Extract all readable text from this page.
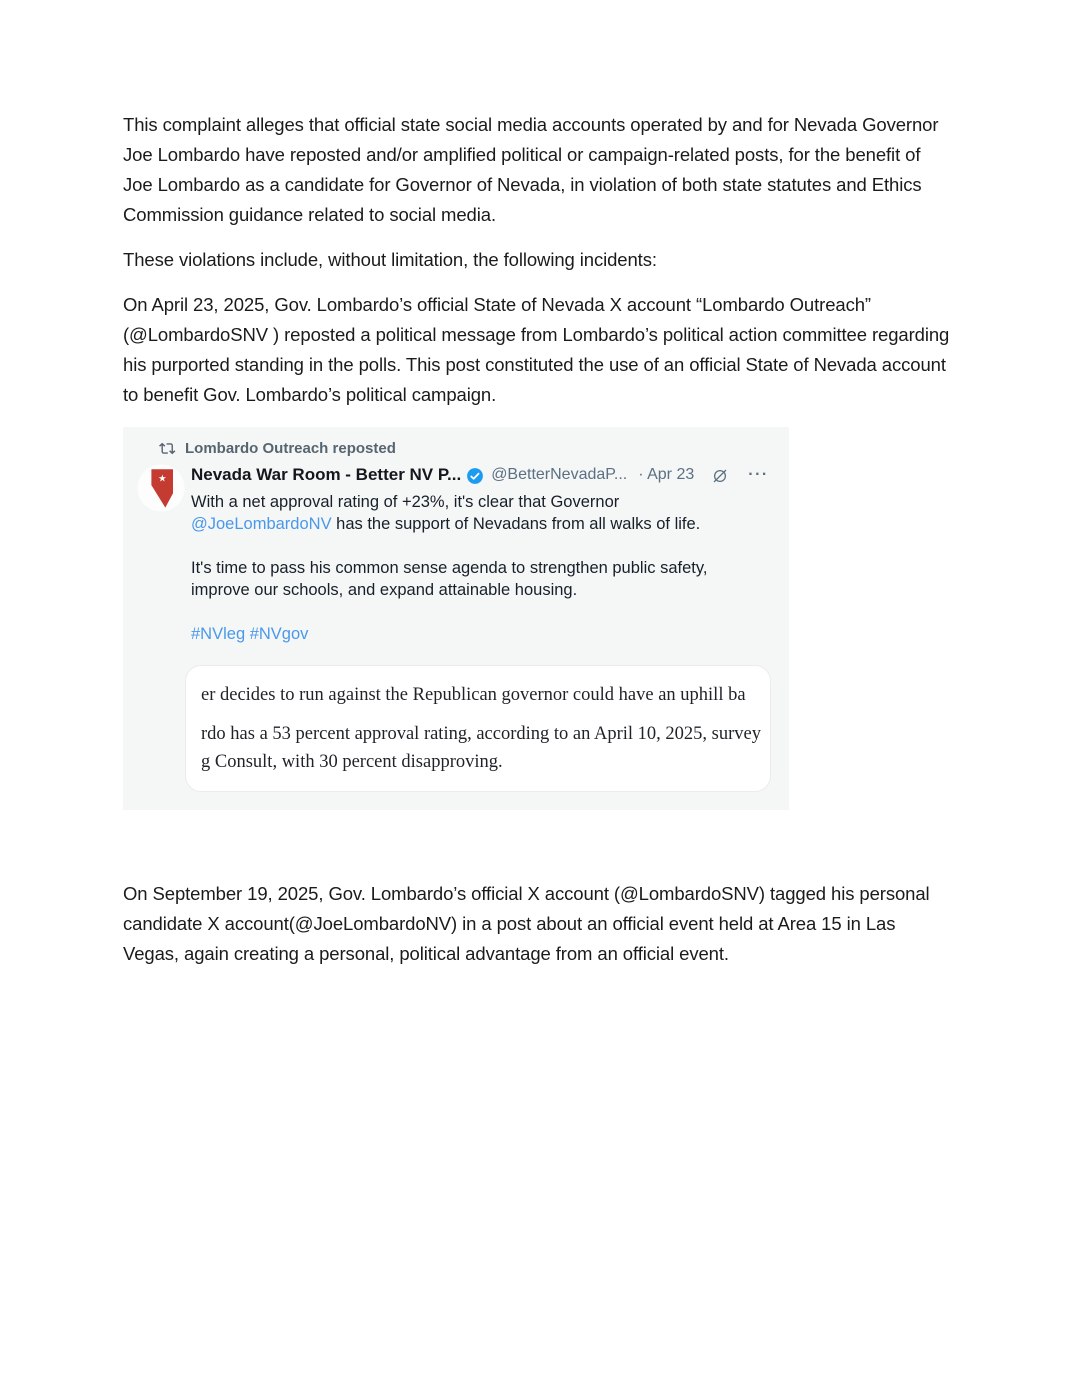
This complaint alleges that official state social media accounts operated by and for Nevada Governor Joe Lombardo have reposted and/or amplified political or campaign-related posts, for the benefit of Joe Lombardo as a candidate for Governor of Nevada, in violation of both state statutes and Ethics Commission guidance related to social media.

These violations include, without limitation, the following incidents:

On April 23, 2025, Gov. Lombardo’s official State of Nevada X account “Lombardo Outreach” (@LombardoSNV ) reposted a political message from Lombardo’s political action committee regarding his purported standing in the polls. This post constituted the use of an official State of Nevada account to benefit Gov. Lombardo’s political campaign.

Lombardo Outreach reposted
★ Nevada War Room - Better NV P... @BetterNevadaP... · Apr 23	···

With a net approval rating of +23%, it's clear that Governor @JoeLombardoNV has the support of Nevadans from all walks of life.

It's time to pass his common sense agenda to strengthen public safety, improve our schools, and expand attainable housing.

#NVleg #NVgov

er decides to run against the Republican governor could have an uphill ba
rdo has a 53 percent approval rating, according to an April 10, 2025, survey
g Consult, with 30 percent disapproving.

On September 19, 2025, Gov. Lombardo’s official X account (@LombardoSNV) tagged his personal candidate X account(@JoeLombardoNV) in a post about an official event held at Area 15 in Las Vegas, again creating a personal, political advantage from an official event.
